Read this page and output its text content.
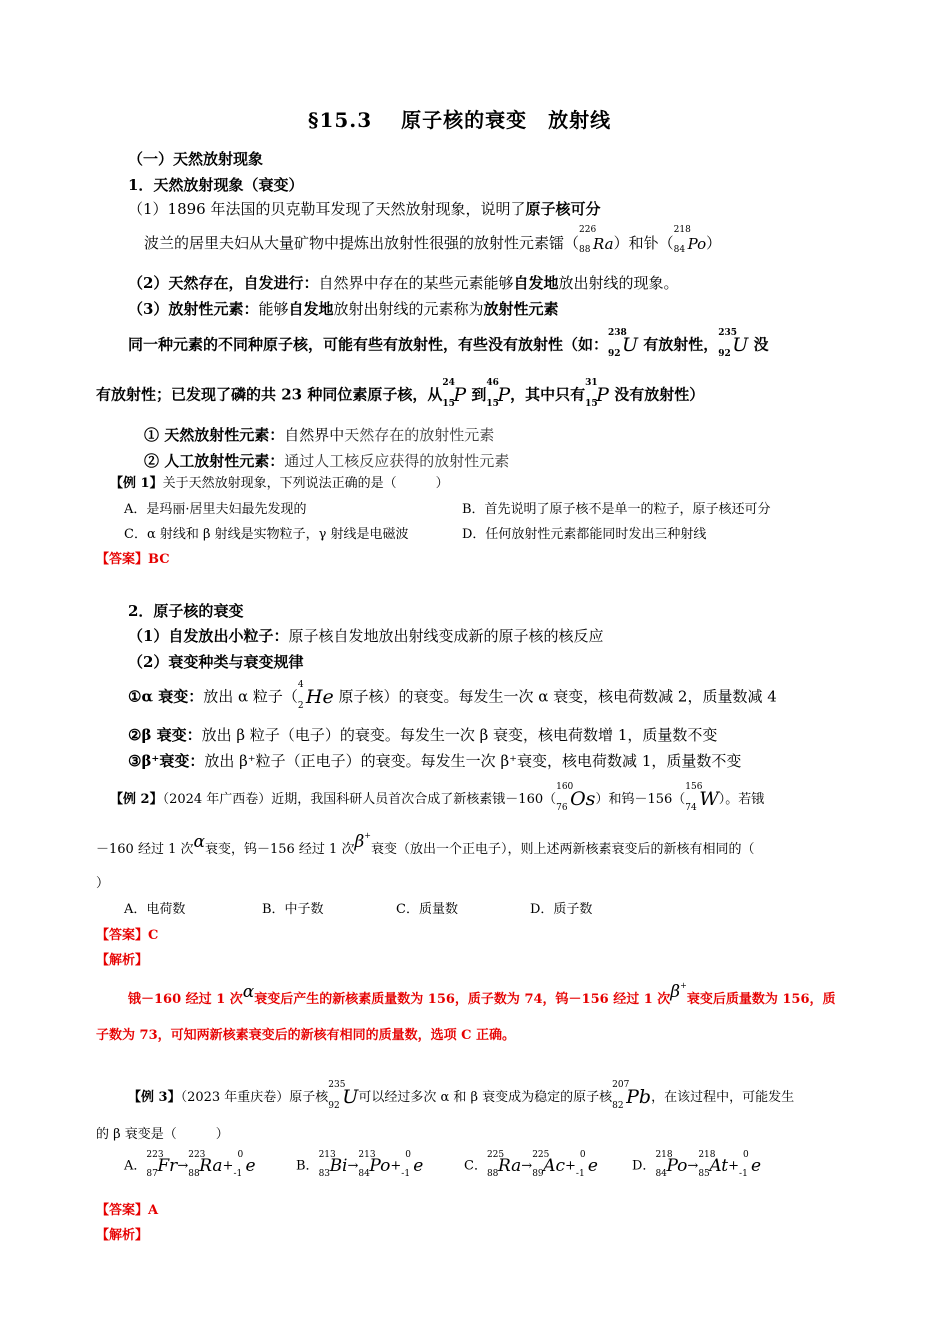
§15.3　 原子核的衰变　放射线
（一）天然放射现象
1．天然放射现象（衰变）
（1）1896 年法国的贝克勒耳发现了天然放射现象，说明了原子核可分
波兰的居里夫妇从大量矿物中提炼出放射性很强的放射性元素镭（
226
88 Ra）和钋（
218
84 Po）
（2）天然存在，自发进行：自然界中存在的某些元素能够自发地放出射线的现象。
（3）放射性元素：能够自发地放射出射线的元素称为放射性元素
同一种元素的不同种原子核，可能有些有放射性，有些没有放射性（如：
238
92 U 有放射性，
235
92 U 没
有放射性；已发现了磷的共 23 种同位素原子核，从
24
15
P 到
46
15
P，其中只有
31
15
P 没有放射性）
① 天然放射性元素：自然界中天然存在的放射性元素
② 人工放射性元素：通过人工核反应获得的放射性元素
【例 1】关于天然放射现象，下列说法正确的是（　　　）
A．是玛丽·居里夫妇最先发现的	B．首先说明了原子核不是单一的粒子，原子核还可分
C．α 射线和 β 射线是实物粒子，γ 射线是电磁波	D．任何放射性元素都能同时发出三种射线
【答案】BC
2．原子核的衰变
（1）自发放出小粒子：原子核自发地放出射线变成新的原子核的核反应
（2）衰变种类与衰变规律
①α 衰变：放出 α 粒子（
4
2 He 原子核）的衰变。每发生一次 α 衰变，核电荷数减 2，质量数减 4
②β 衰变：放出 β 粒子（电子）的衰变。每发生一次 β 衰变，核电荷数增 1，质量数不变
③β⁺衰变：放出 β⁺粒子（正电子）的衰变。每发生一次 β⁺衰变，核电荷数减 1，质量数不变
【例 2】（2024 年广西卷）近期，我国科研人员首次合成了新核素锇－160（
160
76 Os）和钨－156（
156
74 W）。若锇
－160 经过 1 次α衰变，钨－156 经过 1 次β+衰变（放出一个正电子），则上述两新核素衰变后的新核有相同的（
）
A．电荷数	B．中子数	C．质量数	D．质子数
【答案】C
【解析】
锇－160 经过 1 次α衰变后产生的新核素质量数为 156，质子数为 74，钨－156 经过 1 次β+衰变后质量数为 156，质
子数为 73，可知两新核素衰变后的新核有相同的质量数，选项 C 正确。
【例 3】（2023 年重庆卷）原子核
235
92 U可以经过多次 α 和 β 衰变成为稳定的原子核
207
82 Pb，在该过程中，可能发生
的 β 衰变是（　　　）
A．
223
87 Fr→
223
88 Ra+
0
-1 e	B．
213
83 Bi→
213
84 Po+
0
-1 e	C．
225
88 Ra→
225
89 Ac+
0
-1 e	D．
218
84 Po→
218
85 At+
0
-1 e
【答案】A
【解析】
